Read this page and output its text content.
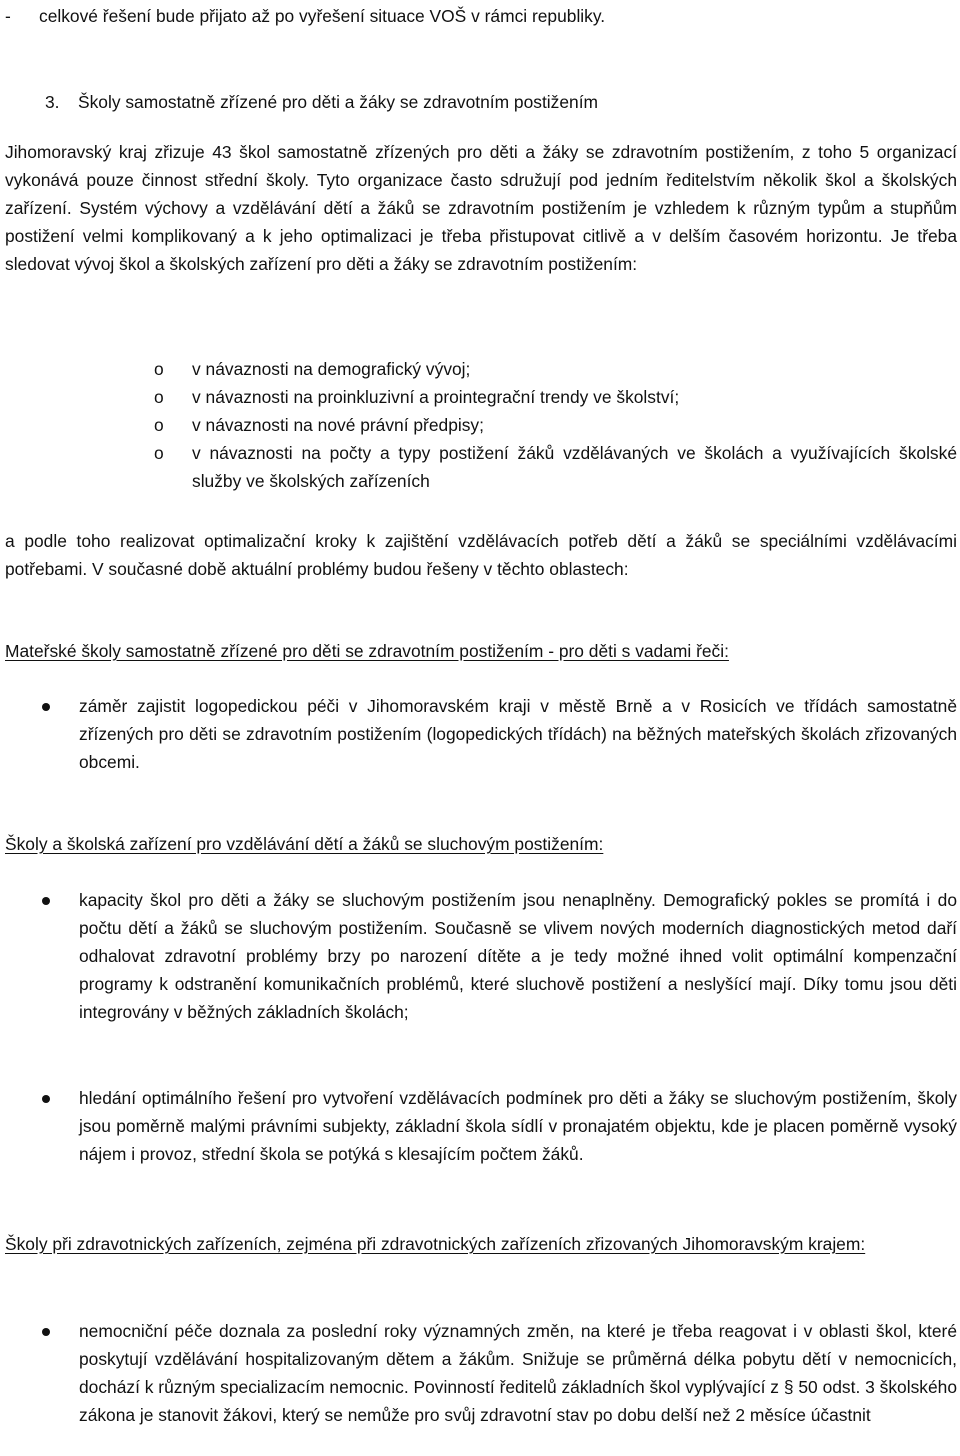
- celkové řešení bude přijato až po vyřešení situace VOŠ v rámci republiky.
3. Školy samostatně zřízené pro děti a žáky se zdravotním postižením
Jihomoravský kraj zřizuje 43 škol samostatně zřízených pro děti a žáky se zdravotním postižením, z toho 5 organizací vykonává pouze činnost střední školy. Tyto organizace často sdružují pod jedním ředitelstvím několik škol a školských zařízení. Systém výchovy a vzdělávání dětí a žáků se zdravotním postižením je vzhledem k různým typům a stupňům postižení velmi komplikovaný a k jeho optimalizaci je třeba přistupovat citlivě a v delším časovém horizontu. Je třeba sledovat vývoj škol a školských zařízení pro děti a žáky se zdravotním postižením:
o v návaznosti na demografický vývoj;
o v návaznosti na proinkluzivní a prointegrační trendy ve školství;
o v návaznosti na nové právní předpisy;
o v návaznosti na počty a typy postižení žáků vzdělávaných ve školách a využívajících školské služby ve školských zařízeních
a podle toho realizovat optimalizační kroky k zajištění vzdělávacích potřeb dětí a žáků se speciálními vzdělávacími potřebami. V současné době aktuální problémy budou řešeny v těchto oblastech:
Mateřské školy samostatně zřízené pro děti se zdravotním postižením - pro děti s vadami řeči:
záměr zajistit logopedickou péči v Jihomoravském kraji v městě Brně a v Rosicích ve třídách samostatně zřízených pro děti se zdravotním postižením (logopedických třídách) na běžných mateřských školách zřizovaných obcemi.
Školy a školská zařízení pro vzdělávání dětí a žáků se sluchovým postižením:
kapacity škol pro děti a žáky se sluchovým postižením jsou nenaplněny. Demografický pokles se promítá i do počtu dětí a žáků se sluchovým postižením. Současně se vlivem nových moderních diagnostických metod daří odhalovat zdravotní problémy brzy po narození dítěte a je tedy možné ihned volit optimální kompenzační programy k odstranění komunikačních problémů, které sluchově postižení a neslyšící mají. Díky tomu jsou děti integrovány v běžných základních školách;
hledání optimálního řešení pro vytvoření vzdělávacích podmínek pro děti a žáky se sluchovým postižením, školy jsou poměrně malými právními subjekty, základní škola sídlí v pronajatém objektu, kde je placen poměrně vysoký nájem i provoz, střední škola se potýká s klesajícím počtem žáků.
Školy při zdravotnických zařízeních, zejména při zdravotnických zařízeních zřizovaných Jihomoravským krajem:
nemocniční péče doznala za poslední roky významných změn, na které je třeba reagovat i v oblasti škol, které poskytují vzdělávání hospitalizovaným dětem a žákům. Snižuje se průměrná délka pobytu dětí v nemocnicích, dochází k různým specializacím nemocnic. Povinností ředitelů základních škol vyplývající z § 50 odst. 3 školského zákona je stanovit žákovi, který se nemůže pro svůj zdravotní stav po dobu delší než 2 měsíce účastnit
